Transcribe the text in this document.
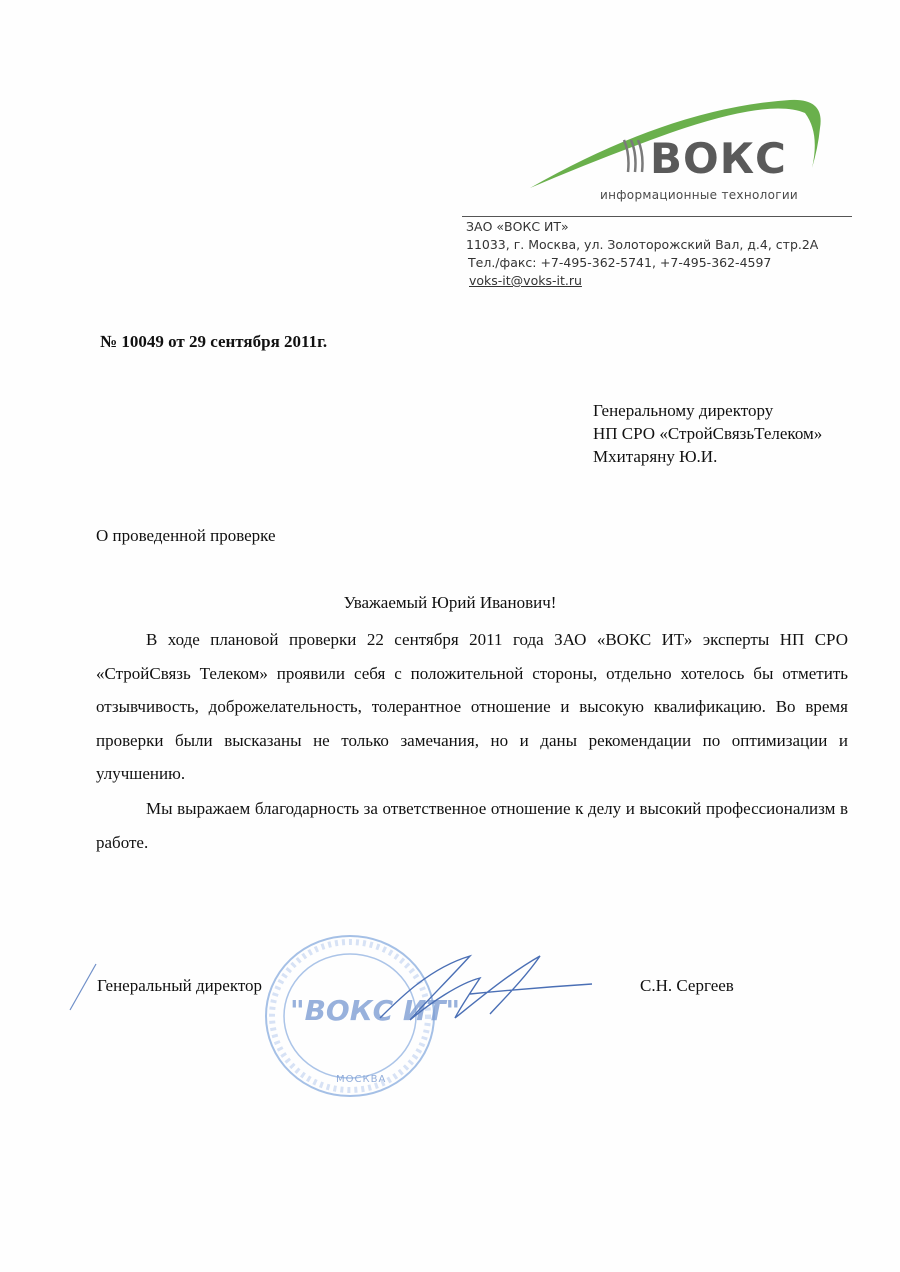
ВОКС
информационные технологии
ЗАО «ВОКС ИТ»
11033, г. Москва, ул. Золоторожский Вал, д.4, стр.2А
Тел./факс: +7-495-362-5741, +7-495-362-4597
voks-it@voks-it.ru
№ 10049 от 29 сентября 2011г.
Генеральному директору
НП СРО «СтройСвязьТелеком»
Мхитаряну Ю.И.
О проведенной проверке
Уважаемый Юрий Иванович!

В ходе плановой проверки 22 сентября 2011 года ЗАО «ВОКС ИТ» эксперты НП СРО «СтройСвязь Телеком» проявили себя с положительной стороны, отдельно хотелось бы отметить отзывчивость, доброжелательность, толерантное отношение и высокую квалификацию. Во время проверки были высказаны не только замечания, но и даны рекомендации по оптимизации и улучшению.

Мы выражаем благодарность за ответственное отношение к делу и высокий профессионализм в работе.

"ВОКС ИТ"
МОСКВА
Генеральный директор	С.Н. Сергеев
